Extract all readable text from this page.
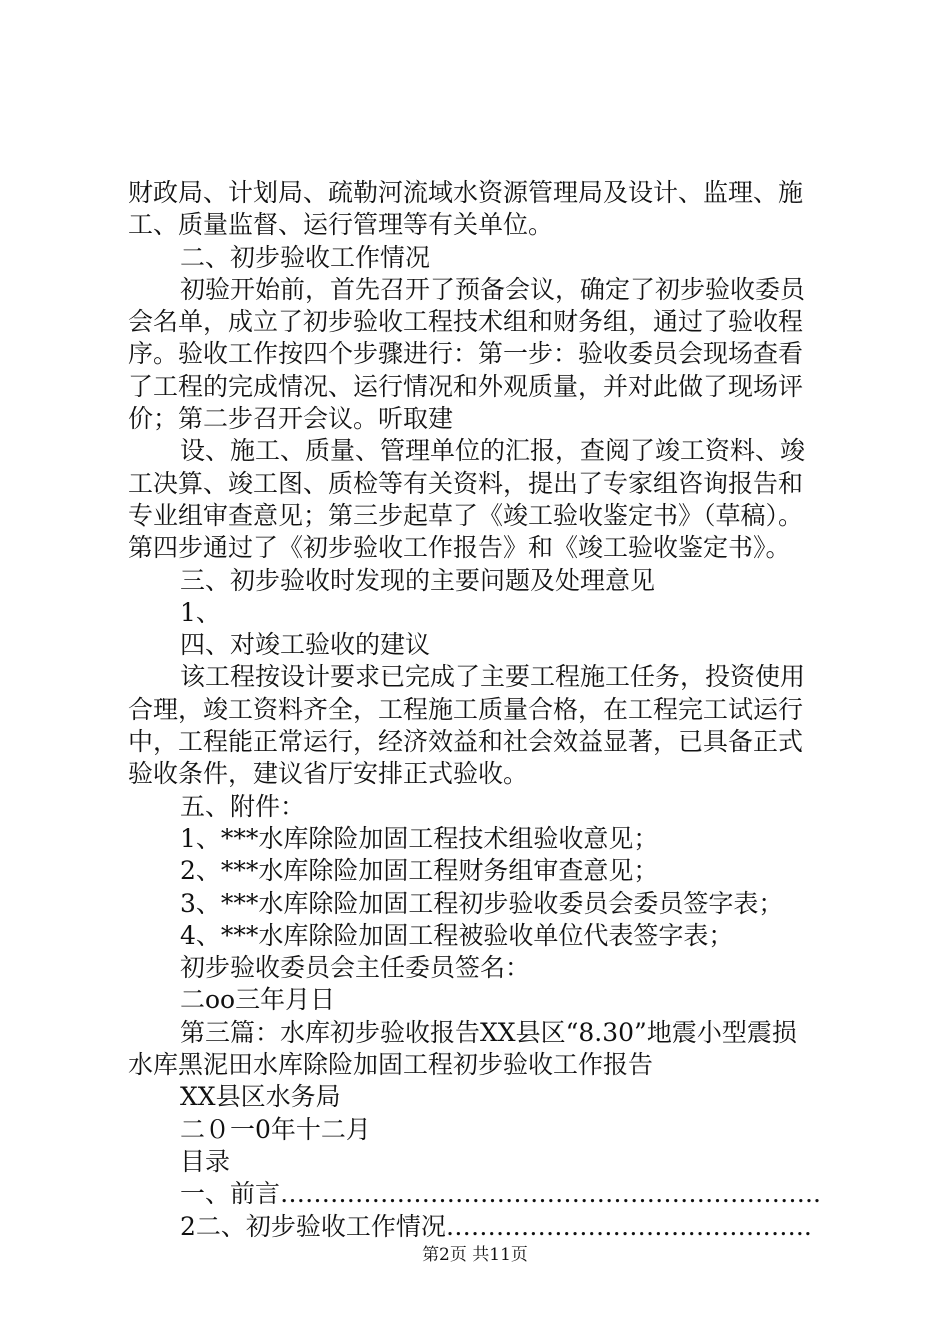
财政局、计划局、疏勒河流域水资源管理局及设计、监理、施
工、质量监督、运行管理等有关单位。
二、初步验收工作情况
初验开始前，首先召开了预备会议，确定了初步验收委员
会名单，成立了初步验收工程技术组和财务组，通过了验收程
序。验收工作按四个步骤进行：第一步：验收委员会现场查看
了工程的完成情况、运行情况和外观质量，并对此做了现场评
价；第二步召开会议。听取建
设、施工、质量、管理单位的汇报，查阅了竣工资料、竣
工决算、竣工图、质检等有关资料，提出了专家组咨询报告和
专业组审查意见；第三步起草了《竣工验收鉴定书》（草稿）。
第四步通过了《初步验收工作报告》和《竣工验收鉴定书》。
三、初步验收时发现的主要问题及处理意见
1、
四、对竣工验收的建议
该工程按设计要求已完成了主要工程施工任务，投资使用
合理，竣工资料齐全，工程施工质量合格，在工程完工试运行
中，工程能正常运行，经济效益和社会效益显著，已具备正式
验收条件，建议省厅安排正式验收。
五、附件：
1、***水库除险加固工程技术组验收意见；
2、***水库除险加固工程财务组审查意见；
3、***水库除险加固工程初步验收委员会委员签字表；
4、***水库除险加固工程被验收单位代表签字表；
初步验收委员会主任委员签名：
二oo三年月日
第三篇：水库初步验收报告XX县区“8.30”地震小型震损
水库黑泥田水库除险加固工程初步验收工作报告
XX县区水务局
二０一0年十二月
目录
一、前言………………………………………………………..
2二、初步验收工作情况……………………………………..
第2页 共11页
